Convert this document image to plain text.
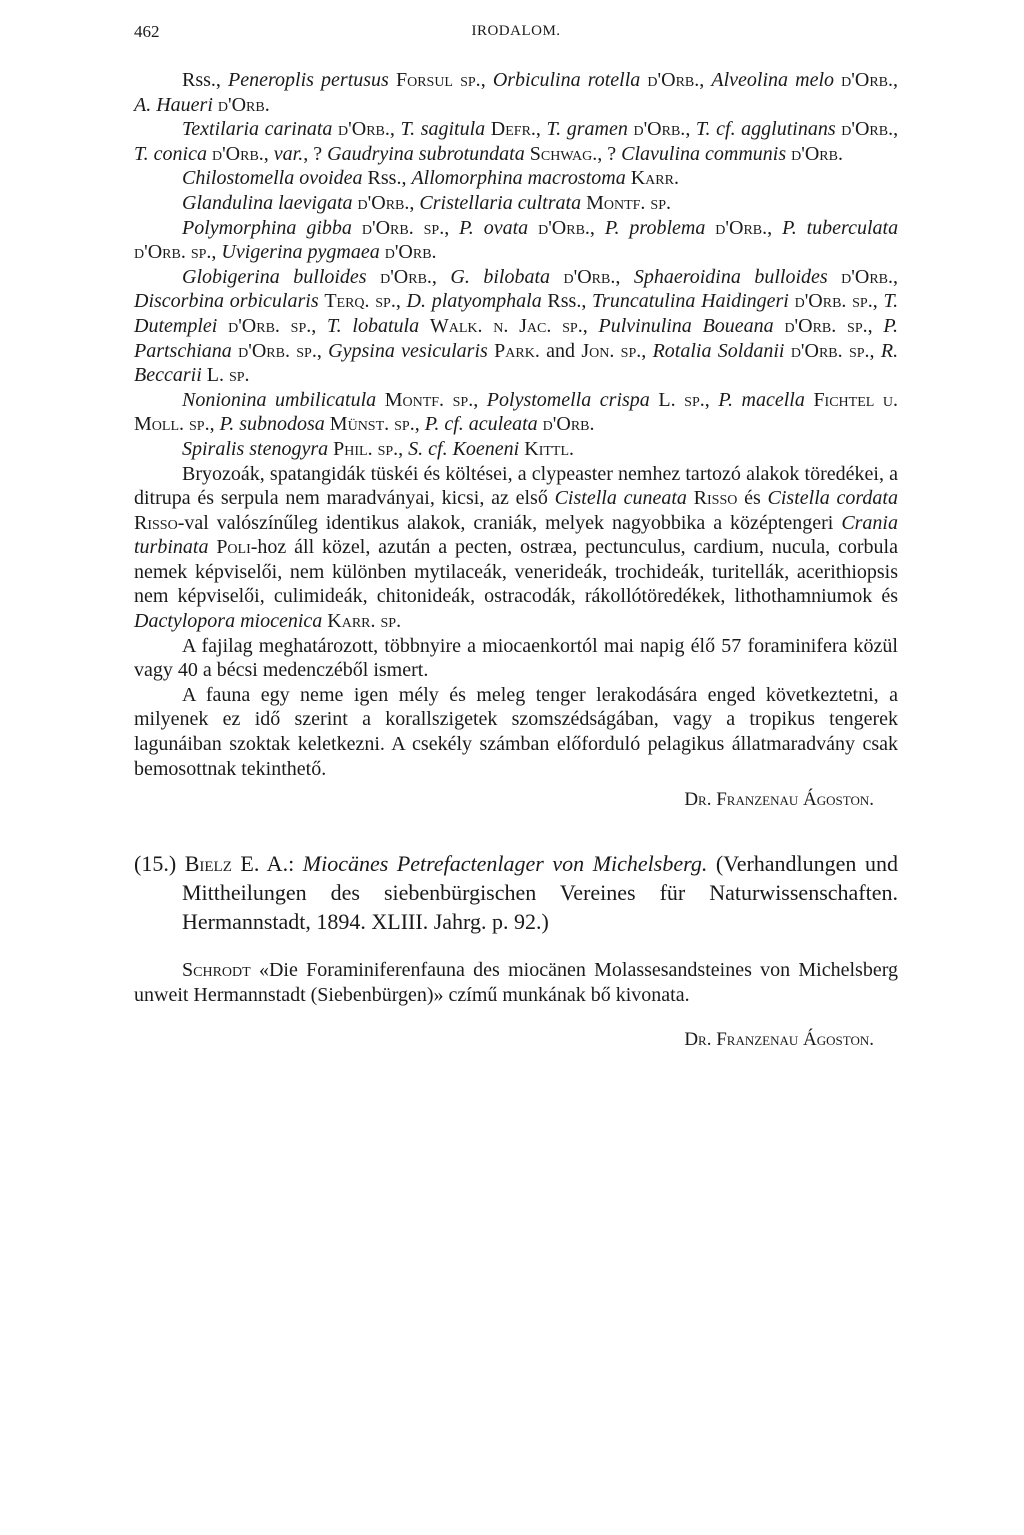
462	IRODALOM.

Rss., Peneroplis pertusus Forsul sp., Orbiculina rotella d'Orb., Alveolina melo d'Orb., A. Haueri d'Orb.

Textilaria carinata d'Orb., T. sagitula Defr., T. gramen d'Orb., T. cf. agglutinans d'Orb., T. conica d'Orb., var., ? Gaudryina subrotundata Schwag., ? Clavulina communis d'Orb.

Chilostomella ovoidea Rss., Allomorphina macrostoma Karr.

Glandulina laevigata d'Orb., Cristellaria cultrata Montf. sp.

Polymorphina gibba d'Orb. sp., P. ovata d'Orb., P. problema d'Orb., P. tuberculata d'Orb. sp., Uvigerina pygmaea d'Orb.

Globigerina bulloides d'Orb., G. bilobata d'Orb., Sphaeroidina bulloides d'Orb., Discorbina orbicularis Terq. sp., D. platyomphala Rss., Truncatulina Haidingeri d'Orb. sp., T. Dutemplei d'Orb. sp., T. lobatula Walk. n. Jac. sp., Pulvinulina Boueana d'Orb. sp., P. Partschiana d'Orb. sp., Gypsina vesicularis Park. and Jon. sp., Rotalia Soldanii d'Orb. sp., R. Beccarii L. sp.

Nonionina umbilicatula Montf. sp., Polystomella crispa L. sp., P. macella Fichtel u. Moll. sp., P. subnodosa Münst. sp., P. cf. aculeata d'Orb.

Spiralis stenogyra Phil. sp., S. cf. Koeneni Kittl.

Bryozoák, spatangidák tüskéi és költései, a clypeaster nemhez tartozó alakok töredékei, a ditrupa és serpula nem maradványai, kicsi, az első Cistella cuneata Risso és Cistella cordata Risso-val valószínűleg identikus alakok, craniák, melyek nagyobbika a középtengeri Crania turbinata Poli-hoz áll közel, azután a pecten, ostræa, pectunculus, cardium, nucula, corbula nemek képviselői, nem különben mytilaceák, venerideák, trochideák, turitellák, acerithiopsis nem képviselői, culimideák, chitonideák, ostracodák, rákollótöredékek, lithothamniumok és Dactylopora miocenica Karr. sp.

A fajilag meghatározott, többnyire a miocaenkortól mai napig élő 57 foraminifera közül vagy 40 a bécsi medenczéből ismert.

A fauna egy neme igen mély és meleg tenger lerakodására enged következtetni, a milyenek ez idő szerint a korallszigetek szomszédságában, vagy a tropikus tengerek lagunáiban szoktak keletkezni. A csekély számban előforduló pelagikus állatmaradvány csak bemosottnak tekinthető.

Dr. Franzenau Ágoston.

(15.) Bielz E. A.: Miocänes Petrefactenlager von Michelsberg. (Verhandlungen und Mittheilungen des siebenbürgischen Vereines für Naturwissenschaften. Hermannstadt, 1894. XLIII. Jahrg. p. 92.)

Schrodt «Die Foraminiferenfauna des miocänen Molassesandsteines von Michelsberg unweit Hermannstadt (Siebenbürgen)» czímű munkának bő kivonata.

Dr. Franzenau Ágoston.
